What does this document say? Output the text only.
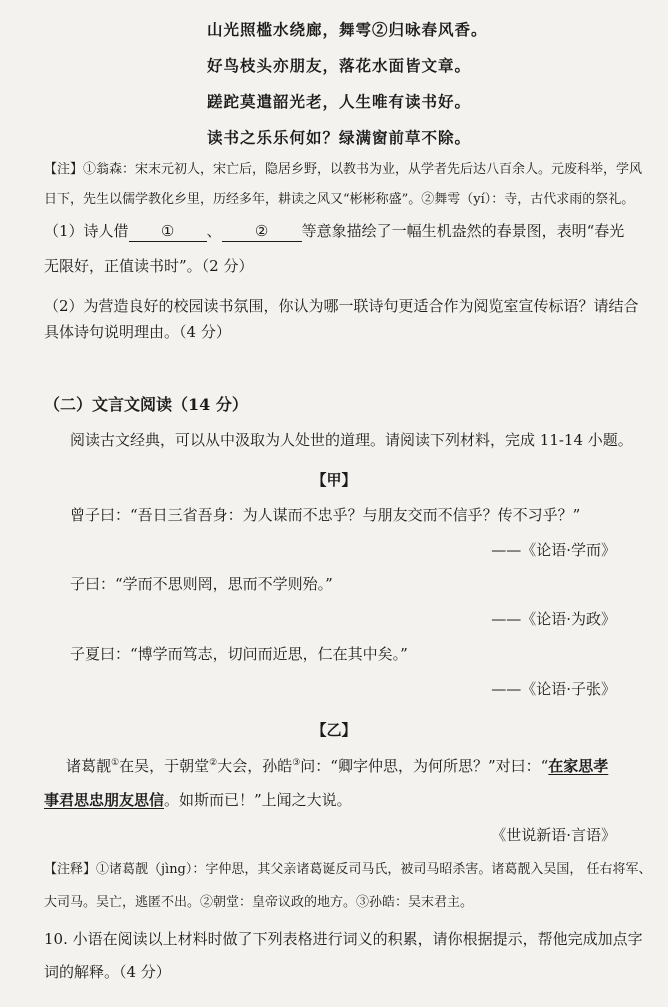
山光照槛水绕廊，舞雩②归咏春风香。
好鸟枝头亦朋友，落花水面皆文章。
蹉跎莫遣韶光老，人生唯有读书好。
读书之乐乐何如？绿满窗前草不除。
【注】①翁森：宋末元初人，宋亡后，隐居乡野，以教书为业，从学者先后达八百余人。元废科举，学风
日下，先生以儒学教化乡里，历经多年，耕读之风又“彬彬称盛”。②舞雩（yí）：寺，古代求雨的祭礼。
（1）诗人借 ① 、 ② 等意象描绘了一幅生机盎然的春景图，表明“春光
无限好，正值读书时”。（2 分）
（2）为营造良好的校园读书氛围，你认为哪一联诗句更适合作为阅览室宣传标语？请结合
具体诗句说明理由。（4 分）
（二）文言文阅读（14 分）
阅读古文经典，可以从中汲取为人处世的道理。请阅读下列材料，完成 11-14 小题。
【甲】
曾子曰：“吾日三省吾身：为人谋而不忠乎？与朋友交而不信乎？传不习乎？”
——《论语·学而》
子曰：“学而不思则罔，思而不学则殆。”
——《论语·为政》
子夏曰：“博学而笃志，切问而近思，仁在其中矣。”
——《论语·子张》
【乙】
诸葛靓①在吴，于朝堂②大会，孙皓③问：“卿字仲思，为何所思？”对曰：“在家思孝
事君思忠朋友思信。如斯而已！”上闻之大说。
《世说新语·言语》
【注释】①诸葛靓（jìng）：字仲思，其父亲诸葛诞反司马氏，被司马昭杀害。诸葛靓入吴国， 任右将军、
大司马。吴亡，逃匿不出。②朝堂：皇帝议政的地方。③孙皓：吴末君主。
10. 小语在阅读以上材料时做了下列表格进行词义的积累，请你根据提示，帮他完成加点字
词的解释。（4 分）
